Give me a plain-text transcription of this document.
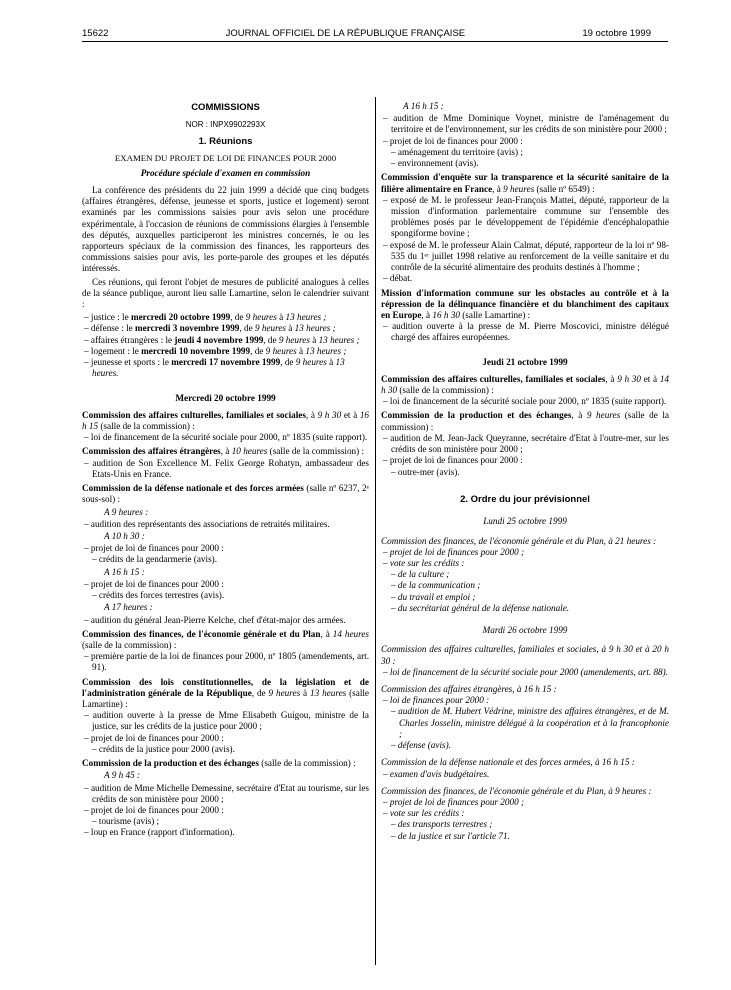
15622	JOURNAL OFFICIEL DE LA RÉPUBLIQUE FRANÇAISE	19 octobre 1999
COMMISSIONS
NOR : INPX9902293X
1. Réunions
EXAMEN DU PROJET DE LOI DE FINANCES POUR 2000
Procédure spéciale d'examen en commission

La conférence des présidents du 22 juin 1999 a décidé que cinq budgets (affaires étrangères, défense, jeunesse et sports, justice et logement) seront examinés par les commissions saisies pour avis selon une procédure expérimentale, à l'occasion de réunions de commissions élargies à l'ensemble des députés, auxquelles participeront les ministres concernés, le ou les rapporteurs spéciaux de la commission des finances, les rapporteurs des commissions saisies pour avis, les porte-parole des groupes et les députés intéressés.

Ces réunions, qui feront l'objet de mesures de publicité analogues à celles de la séance publique, auront lieu salle Lamartine, selon le calendrier suivant :

– justice : le mercredi 20 octobre 1999, de 9 heures à 13 heures ;

– défense : le mercredi 3 novembre 1999, de 9 heures à 13 heures ;

– affaires étrangères : le jeudi 4 novembre 1999, de 9 heures à 13 heures ;

– logement : le mercredi 10 novembre 1999, de 9 heures à 13 heures ;

– jeunesse et sports : le mercredi 17 novembre 1999, de 9 heures à 13 heures.

Mercredi 20 octobre 1999

Commission des affaires culturelles, familiales et sociales, à 9 h 30 et à 16 h 15 (salle de la commission) :

– loi de financement de la sécurité sociale pour 2000, nº 1835 (suite rapport).

Commission des affaires étrangères, à 10 heures (salle de la commission) :

– audition de Son Excellence M. Felix George Rohatyn, ambassadeur des Etats-Unis en France.

Commission de la défense nationale et des forces armées (salle nº 6237, 2ᵉ sous-sol) :

A 9 heures :

– audition des représentants des associations de retraités militaires.

A 10 h 30 :

– projet de loi de finances pour 2000 :

– crédits de la gendarmerie (avis).

A 16 h 15 :

– projet de loi de finances pour 2000 :

– crédits des forces terrestres (avis).

A 17 heures :

– audition du général Jean-Pierre Kelche, chef d'état-major des armées.

Commission des finances, de l'économie générale et du Plan, à 14 heures (salle de la commission) :

– première partie de la loi de finances pour 2000, nº 1805 (amendements, art. 91).

Commission des lois constitutionnelles, de la législation et de l'administration générale de la République, de 9 heures à 13 heures (salle Lamartine) :

– audition ouverte à la presse de Mme Elisabeth Guigou, ministre de la justice, sur les crédits de la justice pour 2000 ;

– projet de loi de finances pour 2000 :

– crédits de la justice pour 2000 (avis).

Commission de la production et des échanges (salle de la commission) :

A 9 h 45 :

– audition de Mme Michelle Demessine, secrétaire d'Etat au tourisme, sur les crédits de son ministère pour 2000 ;

– projet de loi de finances pour 2000 :

– tourisme (avis) ;

– loup en France (rapport d'information).

A 16 h 15 :

– audition de Mme Dominique Voynet, ministre de l'aménagement du territoire et de l'environnement, sur les crédits de son ministère pour 2000 ;

– projet de loi de finances pour 2000 :

– aménagement du territoire (avis) ;

– environnement (avis).

Commission d'enquête sur la transparence et la sécurité sanitaire de la filière alimentaire en France, à 9 heures (salle nº 6549) :

– exposé de M. le professeur Jean-François Mattei, député, rapporteur de la mission d'information parlementaire commune sur l'ensemble des problèmes posés par le développement de l'épidémie d'encéphalopathie spongiforme bovine ;

– exposé de M. le professeur Alain Calmat, député, rapporteur de la loi nº 98-535 du 1ᵉʳ juillet 1998 relative au renforcement de la veille sanitaire et du contrôle de la sécurité alimentaire des produits destinés à l'homme ;

– débat.

Mission d'information commune sur les obstacles au contrôle et à la répression de la délinquance financière et du blanchiment des capitaux en Europe, à 16 h 30 (salle Lamartine) :

– audition ouverte à la presse de M. Pierre Moscovici, ministre délégué chargé des affaires européennes.

Jeudi 21 octobre 1999

Commission des affaires culturelles, familiales et sociales, à 9 h 30 et à 14 h 30 (salle de la commission) :

– loi de financement de la sécurité sociale pour 2000, nº 1835 (suite rapport).

Commission de la production et des échanges, à 9 heures (salle de la commission) :

– audition de M. Jean-Jack Queyranne, secrétaire d'Etat à l'outre-mer, sur les crédits de son ministère pour 2000 ;

– projet de loi de finances pour 2000 :

– outre-mer (avis).

2. Ordre du jour prévisionnel
Lundi 25 octobre 1999

Commission des finances, de l'économie générale et du Plan, à 21 heures :

– projet de loi de finances pour 2000 ;

– vote sur les crédits :

– de la culture ;

– de la communication ;

– du travail et emploi ;

– du secrétariat général de la défense nationale.

Mardi 26 octobre 1999

Commission des affaires culturelles, familiales et sociales, à 9 h 30 et à 20 h 30 :

– loi de financement de la sécurité sociale pour 2000 (amendements, art. 88).

Commission des affaires étrangères, à 16 h 15 :

– loi de finances pour 2000 :

– audition de M. Hubert Védrine, ministre des affaires étrangères, et de M. Charles Josselin, ministre délégué à la coopération et à la francophonie ;

– défense (avis).

Commission de la défense nationale et des forces armées, à 16 h 15 :

– examen d'avis budgétaires.

Commission des finances, de l'économie générale et du Plan, à 9 heures :

– projet de loi de finances pour 2000 ;

– vote sur les crédits :

– des transports terrestres ;

– de la justice et sur l'article 71.
